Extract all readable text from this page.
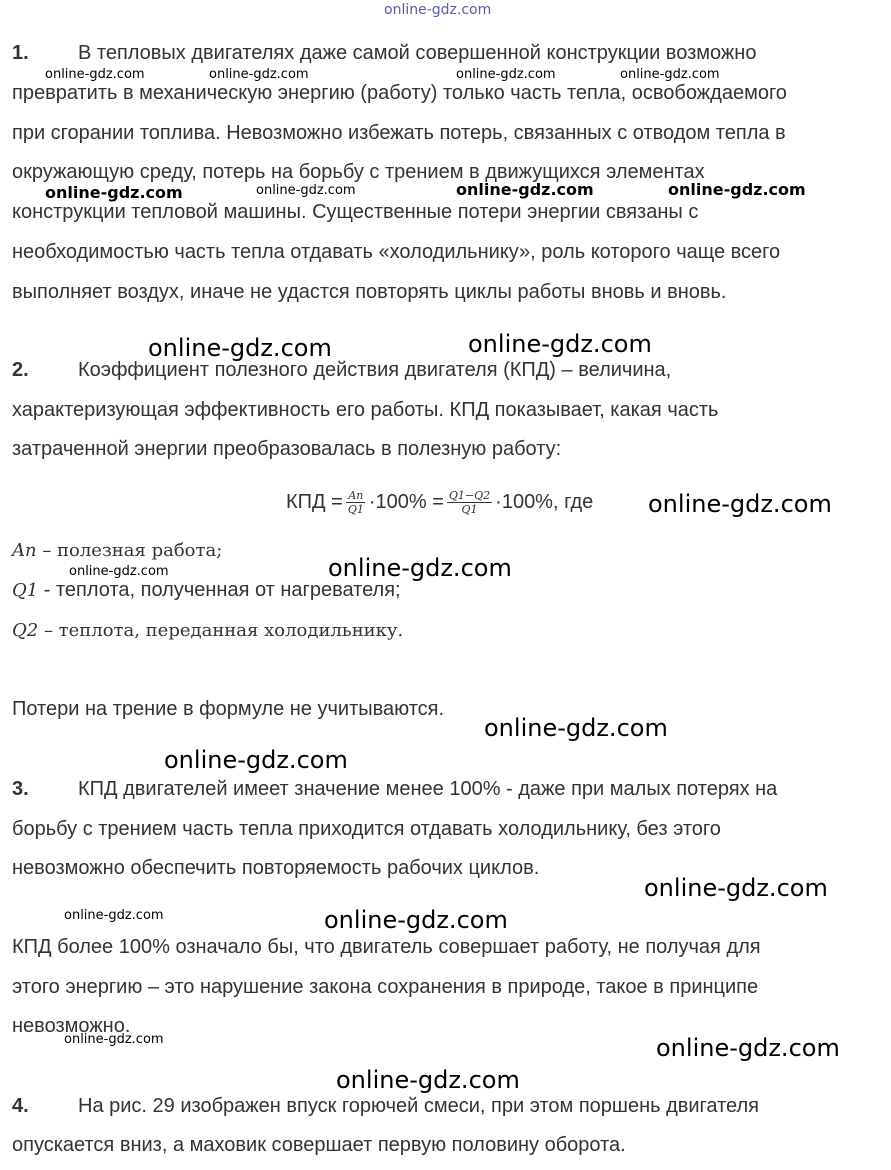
1. В тепловых двигателях даже самой совершенной конструкции возможно
превратить в механическую энергию (работу) только часть тепла, освобождаемого
при сгорании топлива. Невозможно избежать потерь, связанных с отводом тепла в
окружающую среду, потерь на борьбу с трением в движущихся элементах
конструкции тепловой машины. Существенные потери энергии связаны с
необходимостью часть тепла отдавать «холодильнику», роль которого чаще всего
выполняет воздух, иначе не удастся повторять циклы работы вновь и вновь.
2. Коэффициент полезного действия двигателя (КПД) – величина,
характеризующая эффективность его работы. КПД показывает, какая часть
затраченной энергии преобразовалась в полезную работу:
КПД = $\frac{Aп}{Q1} \cdot 100\% = \frac{Q1-Q2}{Q1} \cdot 100\%$, где
Aп – полезная работа;
Q1 - теплота, полученная от нагревателя;
Q2 – теплота, переданная холодильнику.
Потери на трение в формуле не учитываются.
3. КПД двигателей имеет значение менее 100% - даже при малых потерях на
борьбу с трением часть тепла приходится отдавать холодильнику, без этого
невозможно обеспечить повторяемость рабочих циклов.
КПД более 100% означало бы, что двигатель совершает работу, не получая для
этого энергию – это нарушение закона сохранения в природе, такое в принципе
невозможно.
4. На рис. 29 изображен впуск горючей смеси, при этом поршень двигателя
опускается вниз, а маховик совершает первую половину оборота.
online-gdz.com
online-gdz.com	online-gdz.com	online-gdz.com	online-gdz.com
online-gdz.com	online-gdz.com	online-gdz.com	online-gdz.com
online-gdz.com	online-gdz.com
online-gdz.com
online-gdz.com	online-gdz.com
online-gdz.com
online-gdz.com
online-gdz.com
online-gdz.com	online-gdz.com
online-gdz.com	online-gdz.com
online-gdz.com
